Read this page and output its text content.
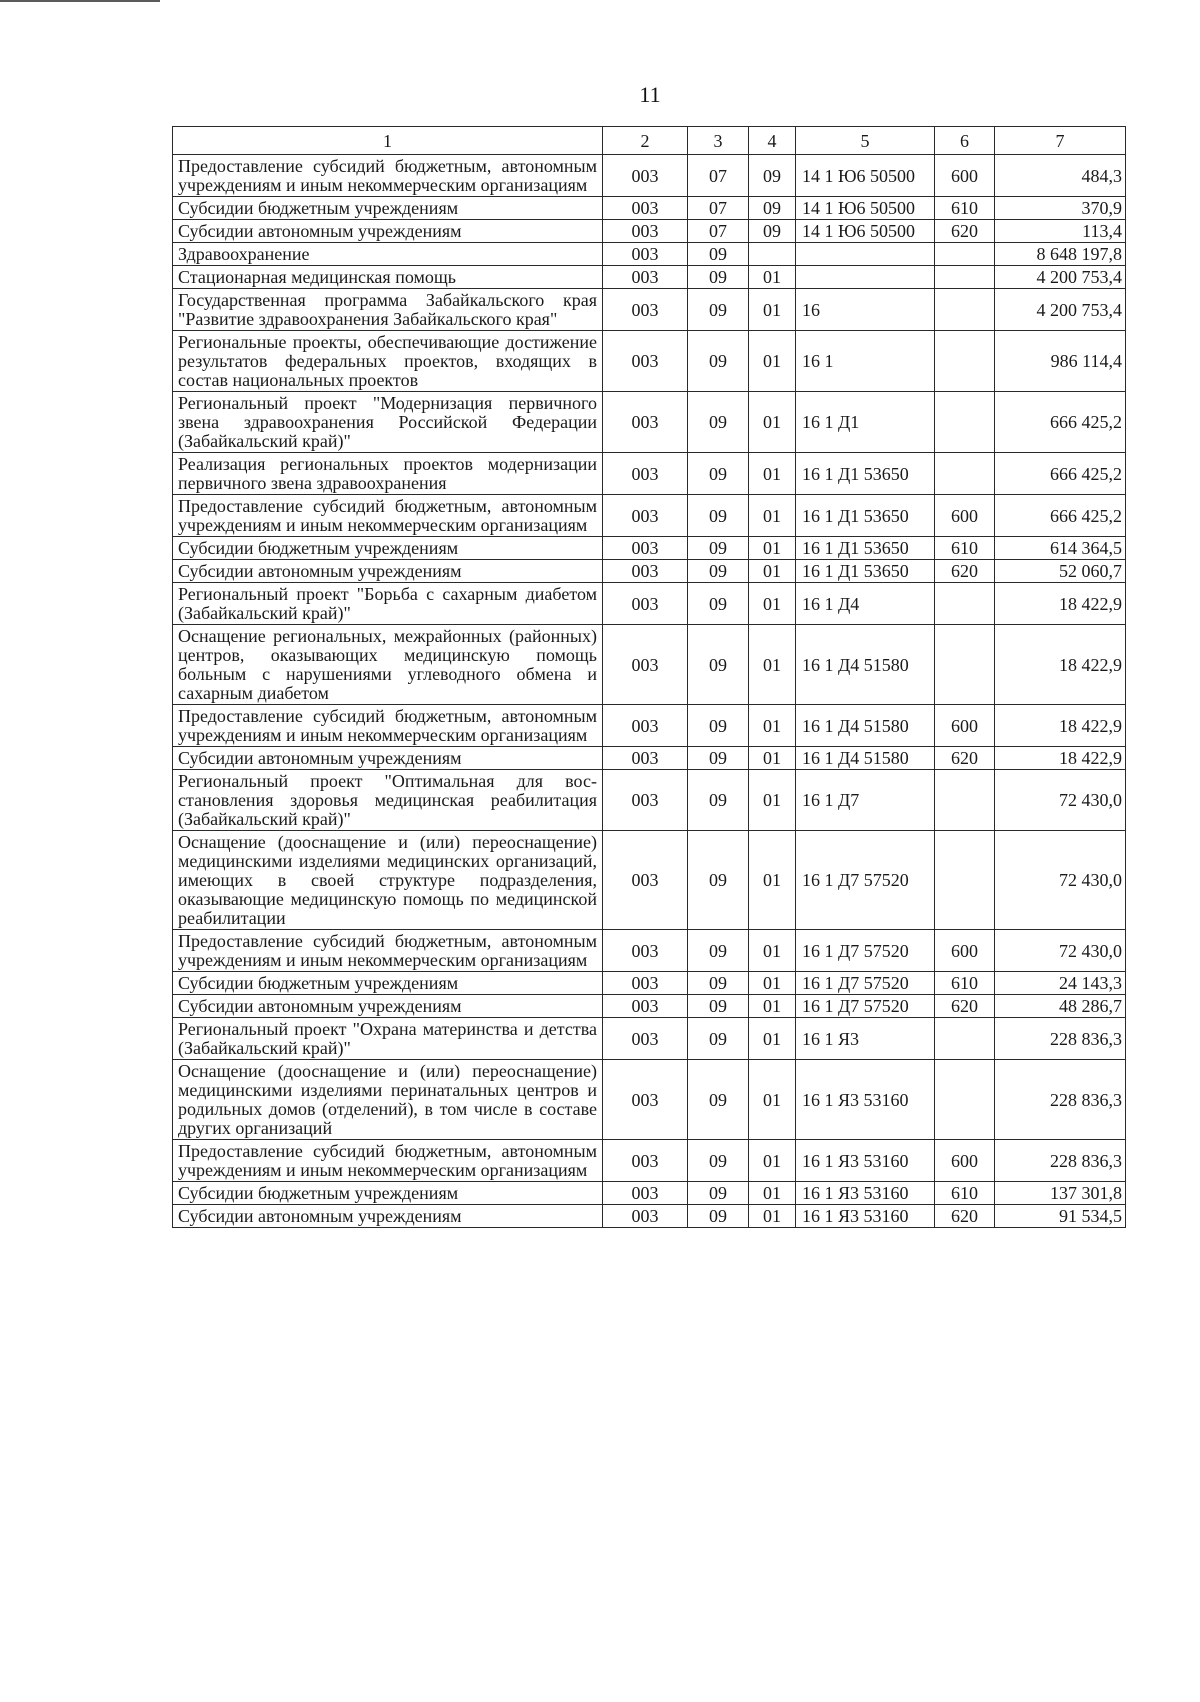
11
1	2	3	4	5	6	7
Предоставление субсидий бюджетным, автономным учреждениям и иным некоммерческим организациям	003	07	09	14 1 Ю6 50500	600	484,3
Субсидии бюджетным учреждениям	003	07	09	14 1 Ю6 50500	610	370,9
Субсидии автономным учреждениям	003	07	09	14 1 Ю6 50500	620	113,4
Здравоохранение	003	09				8 648 197,8
Стационарная медицинская помощь	003	09	01			4 200 753,4
Государственная программа Забайкальского края "Развитие здравоохранения Забайкальского края"	003	09	01	16		4 200 753,4
Региональные проекты, обеспечивающие достижение результатов федеральных проектов, входящих в состав национальных проектов	003	09	01	16 1		986 114,4
Региональный проект "Модернизация первичного звена здравоохранения Российской Федерации (Забайкальский край)"	003	09	01	16 1 Д1		666 425,2
Реализация региональных проектов модернизации первичного звена здравоохранения	003	09	01	16 1 Д1 53650		666 425,2
Предоставление субсидий бюджетным, автономным учреждениям и иным некоммерческим организациям	003	09	01	16 1 Д1 53650	600	666 425,2
Субсидии бюджетным учреждениям	003	09	01	16 1 Д1 53650	610	614 364,5
Субсидии автономным учреждениям	003	09	01	16 1 Д1 53650	620	52 060,7
Региональный проект "Борьба с сахарным диабетом (Забайкальский край)"	003	09	01	16 1 Д4		18 422,9
Оснащение региональных, межрайонных (районных) центров, оказывающих медицинскую помощь больным с нарушениями углеводного обмена и сахарным диабетом	003	09	01	16 1 Д4 51580		18 422,9
Предоставление субсидий бюджетным, автономным учреждениям и иным некоммерческим организациям	003	09	01	16 1 Д4 51580	600	18 422,9
Субсидии автономным учреждениям	003	09	01	16 1 Д4 51580	620	18 422,9
Региональный проект "Оптимальная для восстановления здоровья медицинская реабилитация (Забайкальский край)"	003	09	01	16 1 Д7		72 430,0
Оснащение (дооснащение и (или) переоснащение) медицинскими изделиями медицинских организаций, имеющих в своей структуре подразделения, оказывающие медицинскую помощь по медицинской реабилитации	003	09	01	16 1 Д7 57520		72 430,0
Предоставление субсидий бюджетным, автономным учреждениям и иным некоммерческим организациям	003	09	01	16 1 Д7 57520	600	72 430,0
Субсидии бюджетным учреждениям	003	09	01	16 1 Д7 57520	610	24 143,3
Субсидии автономным учреждениям	003	09	01	16 1 Д7 57520	620	48 286,7
Региональный проект "Охрана материнства и детства (Забайкальский край)"	003	09	01	16 1 Я3		228 836,3
Оснащение (дооснащение и (или) переоснащение) медицинскими изделиями перинатальных центров и родильных домов (отделений), в том числе в составе других организаций	003	09	01	16 1 Я3 53160		228 836,3
Предоставление субсидий бюджетным, автономным учреждениям и иным некоммерческим организациям	003	09	01	16 1 Я3 53160	600	228 836,3
Субсидии бюджетным учреждениям	003	09	01	16 1 Я3 53160	610	137 301,8
Субсидии автономным учреждениям	003	09	01	16 1 Я3 53160	620	91 534,5
